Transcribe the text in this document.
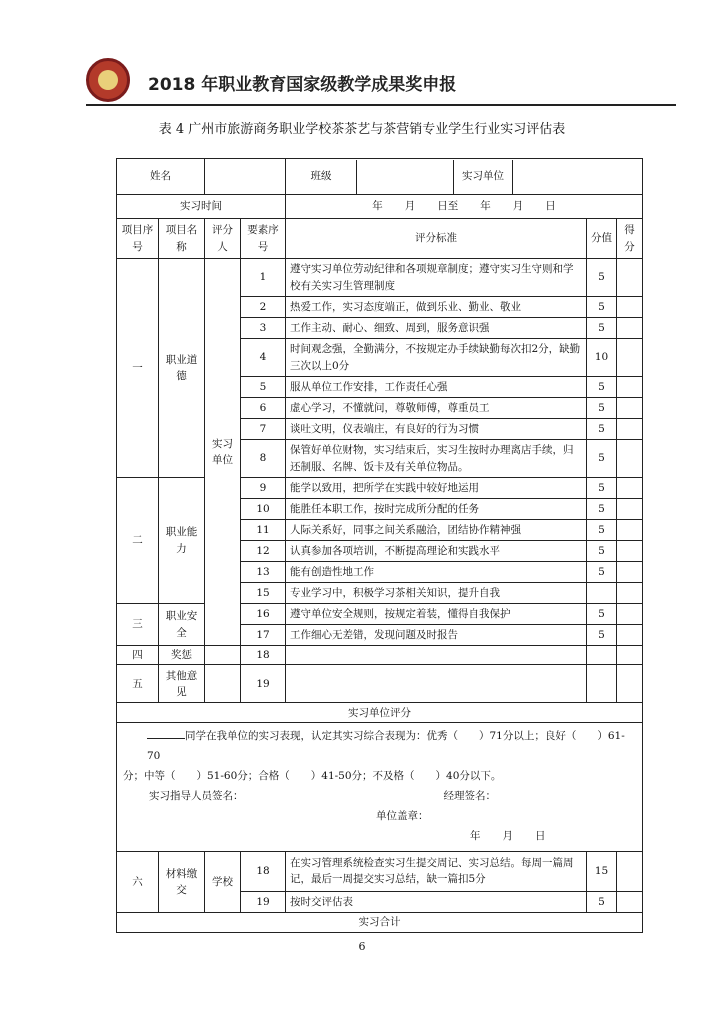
2018 年职业教育国家级教学成果奖申报
表 4 广州市旅游商务职业学校茶茶艺与茶营销专业学生行业实习评估表
姓名				班级 实习单位		

实习时间				年 月 日至 年 月 日		
项目序号	项目名称	评分人	要素序号	评分标准	分值	得分
一	职业道德	实习单位	1	遵守实习单位劳动纪律和各项规章制度；遵守实习生守则和学校有关实习生管理制度	5	
			2	热爱工作，实习态度端正，做到乐业、勤业、敬业	5	
			3	工作主动、耐心、细致、周到，服务意识强	5	
			4	时间观念强，全勤满分，不按规定办手续缺勤每次扣2分，缺勤三次以上0分	10	
			5	服从单位工作安排，工作责任心强	5	
			6	虚心学习，不懂就问，尊敬师傅，尊重员工	5	
			7	谈吐文明，仪表端庄，有良好的行为习惯	5	
			8	保管好单位财物，实习结束后，实习生按时办理离店手续，归还制服、名牌、饭卡及有关单位物品。	5	
二	职业能力		9	能学以致用，把所学在实践中较好地运用	5	
			10	能胜任本职工作，按时完成所分配的任务	5	
			11	人际关系好，同事之间关系融洽，团结协作精神强	5	
			12	认真参加各项培训，不断提高理论和实践水平	5	
			13	能有创造性地工作	5	
			15	专业学习中，积极学习茶相关知识，提升自我		
三	职业安全		16	遵守单位安全规则，按规定着装，懂得自我保护	5	
			17	工作细心无差错，发现问题及时报告	5	
四	奖惩		18			
五	其他意见		19			
实习单位评分						

同学在我单位的实习表现，认定其实习综合表现为：优秀（　　）71分以上；良好（　　）61-70
分；中等（　　）51-60分；合格（　　）41-50分；不及格（　　）40分以下。
实习指导人员签名： 经理签名：
单位盖章：
年 月 日						

六	材料缴交	学校	18	在实习管理系统检查实习生提交周记、实习总结。每周一篇周记，最后一周提交实习总结，缺一篇扣5分	15	
			19	按时交评估表	5	
实习合计						
6
